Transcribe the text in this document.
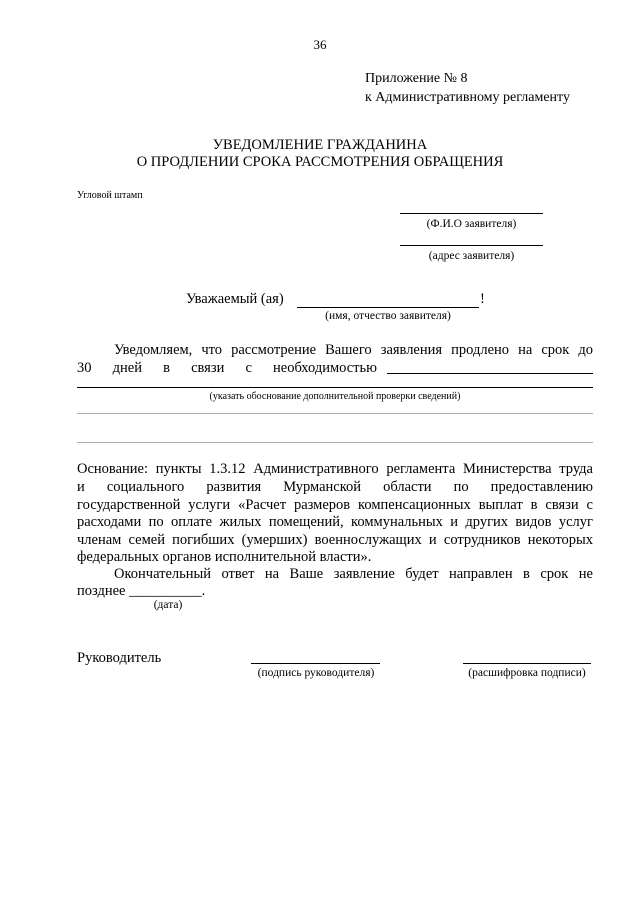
36
Приложение № 8
к Административному регламенту
УВЕДОМЛЕНИЕ ГРАЖДАНИНА
О ПРОДЛЕНИИ СРОКА РАССМОТРЕНИЯ ОБРАЩЕНИЯ
Угловой штамп
(Ф.И.О заявителя)
(адрес заявителя)
Уважаемый (ая)	!
(имя, отчество заявителя)
Уведомляем, что рассмотрение Вашего заявления продлено на срок до
30 дней в связи с необходимостью
(указать обоснование дополнительной проверки сведений)
Основание: пункты 1.3.12 Административного регламента Министерства труда
и социального развития Мурманской области по предоставлению
государственной услуги «Расчет размеров компенсационных выплат в связи с
расходами по оплате жилых помещений, коммунальных и других видов услуг
членам семей погибших (умерших) военнослужащих и сотрудников некоторых
федеральных органов исполнительной власти».
Окончательный ответ на Ваше заявление будет направлен в срок не
позднее __________.
(дата)
Руководитель
(подпись руководителя)	(расшифровка подписи)
